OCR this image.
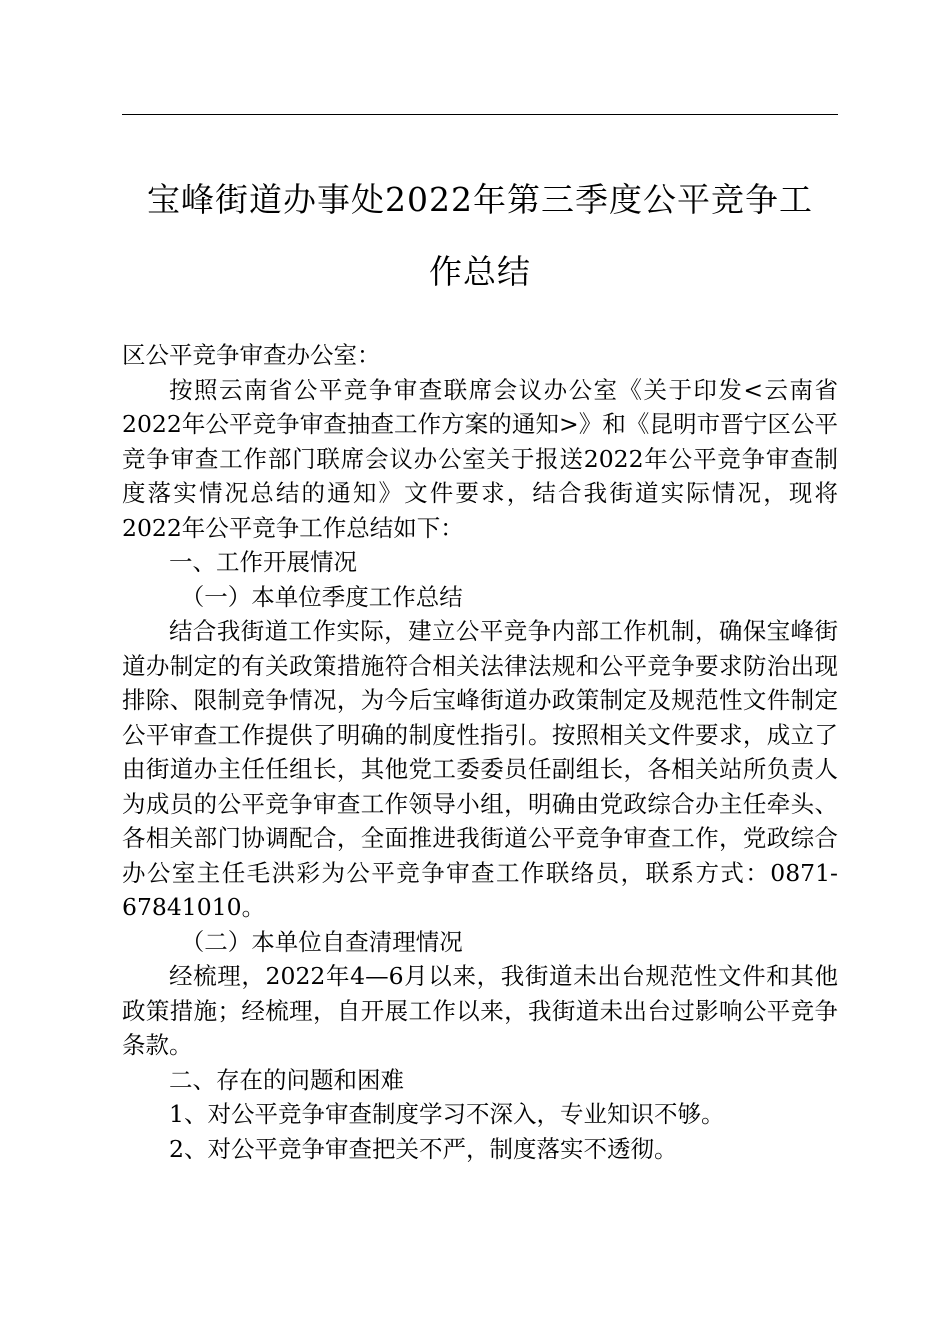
宝峰街道办事处2022年第三季度公平竞争工
作总结

区公平竞争审查办公室：

按照云南省公平竞争审查联席会议办公室《关于印发<云南省2022年公平竞争审查抽查工作方案的通知>》和《昆明市晋宁区公平竞争审查工作部门联席会议办公室关于报送2022年公平竞争审查制度落实情况总结的通知》文件要求，结合我街道实际情况，现将2022年公平竞争工作总结如下：

一、工作开展情况

（一）本单位季度工作总结

结合我街道工作实际，建立公平竞争内部工作机制，确保宝峰街道办制定的有关政策措施符合相关法律法规和公平竞争要求防治出现排除、限制竞争情况，为今后宝峰街道办政策制定及规范性文件制定公平审查工作提供了明确的制度性指引。按照相关文件要求，成立了由街道办主任任组长，其他党工委委员任副组长，各相关站所负责人为成员的公平竞争审查工作领导小组，明确由党政综合办主任牵头、各相关部门协调配合，全面推进我街道公平竞争审查工作，党政综合办公室主任毛洪彩为公平竞争审查工作联络员，联系方式：0871-67841010。

（二）本单位自查清理情况

经梳理，2022年4—6月以来，我街道未出台规范性文件和其他政策措施；经梳理，自开展工作以来，我街道未出台过影响公平竞争条款。

二、存在的问题和困难

1、对公平竞争审查制度学习不深入，专业知识不够。

2、对公平竞争审查把关不严，制度落实不透彻。
